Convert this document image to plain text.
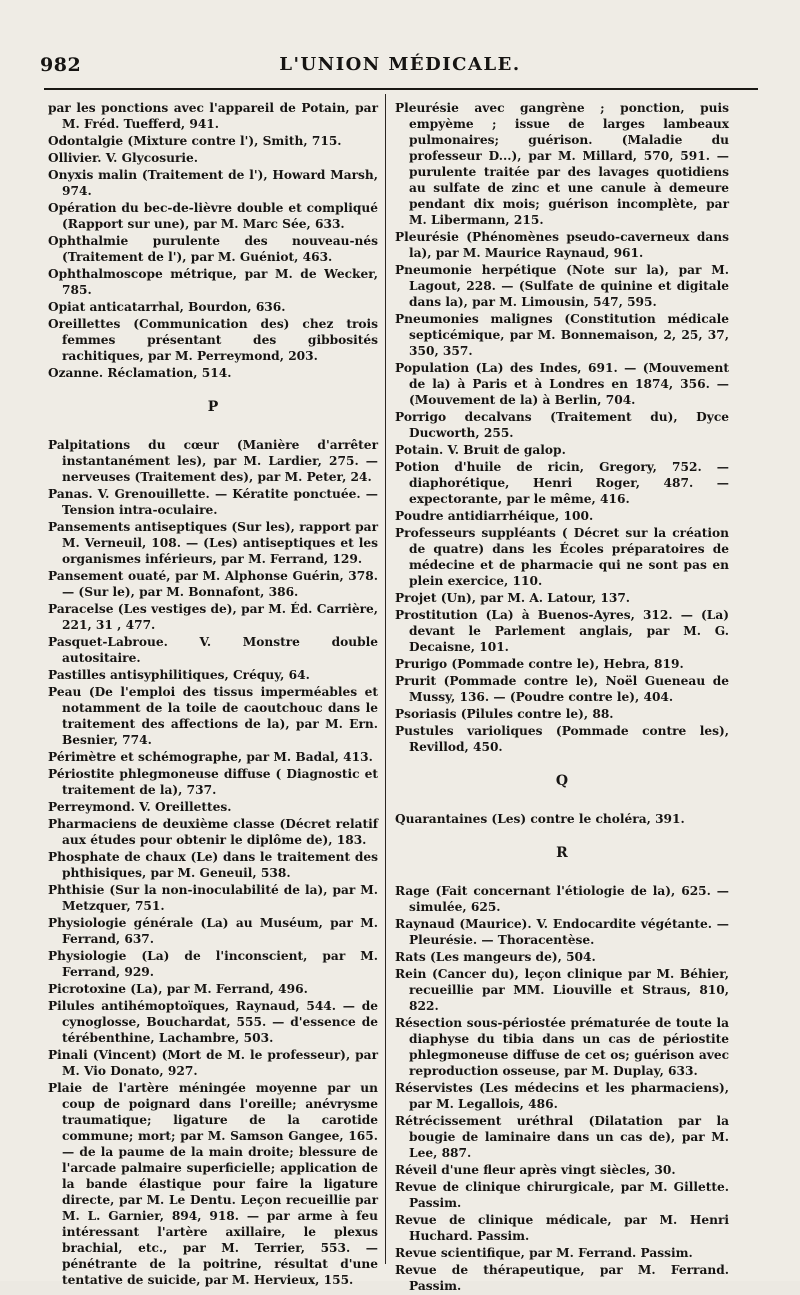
982	L'UNION MÉDICALE.

par les ponctions avec l'appareil de Potain, par M. Fréd. Tuefferd, 941.

Odontalgie (Mixture contre l'), Smith, 715.

Ollivier. V. Glycosurie.

Onyxis malin (Traitement de l'), Howard Marsh, 974.

Opération du bec-de-lièvre double et compliqué (Rapport sur une), par M. Marc Sée, 633.

Ophthalmie purulente des nouveau-nés (Traitement de l'), par M. Guéniot, 463.

Ophthalmoscope métrique, par M. de Wecker, 785.

Opiat anticatarrhal, Bourdon, 636.

Oreillettes (Communication des) chez trois femmes présentant des gibbosités rachitiques, par M. Perreymond, 203.

Ozanne. Réclamation, 514.

P

Palpitations du cœur (Manière d'arrêter instantanément les), par M. Lardier, 275. — nerveuses (Traitement des), par M. Peter, 24.

Panas. V. Grenouillette. — Kératite ponctuée. — Tension intra-oculaire.

Pansements antiseptiques (Sur les), rapport par M. Verneuil, 108. — (Les) antiseptiques et les organismes inférieurs, par M. Ferrand, 129.

Pansement ouaté, par M. Alphonse Guérin, 378. — (Sur le), par M. Bonnafont, 386.

Paracelse (Les vestiges de), par M. Éd. Carrière, 221, 31 , 477.

Pasquet-Labroue. V. Monstre double autositaire.

Pastilles antisyphilitiques, Créquy, 64.

Peau (De l'emploi des tissus imperméables et notamment de la toile de caoutchouc dans le traitement des affections de la), par M. Ern. Besnier, 774.

Périmètre et schémographe, par M. Badal, 413.

Périostite phlegmoneuse diffuse ( Diagnostic et traitement de la), 737.

Perreymond. V. Oreillettes.

Pharmaciens de deuxième classe (Décret relatif aux études pour obtenir le diplôme de), 183.

Phosphate de chaux (Le) dans le traitement des phthisiques, par M. Geneuil, 538.

Phthisie (Sur la non-inoculabilité de la), par M. Metzquer, 751.

Physiologie générale (La) au Muséum, par M. Ferrand, 637.

Physiologie (La) de l'inconscient, par M. Ferrand, 929.

Picrotoxine (La), par M. Ferrand, 496.

Pilules antihémoptoïques, Raynaud, 544. — de cynoglosse, Bouchardat, 555. — d'essence de térébenthine, Lachambre, 503.

Pinali (Vincent) (Mort de M. le professeur), par M. Vio Donato, 927.

Plaie de l'artère méningée moyenne par un coup de poignard dans l'oreille; anévrysme traumatique; ligature de la carotide commune; mort; par M. Samson Gangee, 165. — de la paume de la main droite; blessure de l'arcade palmaire superficielle; application de la bande élastique pour faire la ligature directe, par M. Le Dentu. Leçon recueillie par M. L. Garnier, 894, 918. — par arme à feu intéressant l'artère axillaire, le plexus brachial, etc., par M. Terrier, 553. — pénétrante de la poitrine, résultat d'une tentative de suicide, par M. Hervieux, 155.

Pleurésie avec gangrène ; ponction, puis empyème ; issue de larges lambeaux pulmonaires; guérison. (Maladie du professeur D...), par M. Millard, 570, 591. — purulente traitée par des lavages quotidiens au sulfate de zinc et une canule à demeure pendant dix mois; guérison incomplète, par M. Libermann, 215.

Pleurésie (Phénomènes pseudo-caverneux dans la), par M. Maurice Raynaud, 961.

Pneumonie herpétique (Note sur la), par M. Lagout, 228. — (Sulfate de quinine et digitale dans la), par M. Limousin, 547, 595.

Pneumonies malignes (Constitution médicale septicémique, par M. Bonnemaison, 2, 25, 37, 350, 357.

Population (La) des Indes, 691. — (Mouvement de la) à Paris et à Londres en 1874, 356. — (Mouvement de la) à Berlin, 704.

Porrigo decalvans (Traitement du), Dyce Ducworth, 255.

Potain. V. Bruit de galop.

Potion d'huile de ricin, Gregory, 752. — diaphorétique, Henri Roger, 487. — expectorante, par le même, 416.

Poudre antidiarrhéique, 100.

Professeurs suppléants ( Décret sur la création de quatre) dans les Écoles préparatoires de médecine et de pharmacie qui ne sont pas en plein exercice, 110.

Projet (Un), par M. A. Latour, 137.

Prostitution (La) à Buenos-Ayres, 312. — (La) devant le Parlement anglais, par M. G. Decaisne, 101.

Prurigo (Pommade contre le), Hebra, 819.

Prurit (Pommade contre le), Noël Gueneau de Mussy, 136. — (Poudre contre le), 404.

Psoriasis (Pilules contre le), 88.

Pustules varioliques (Pommade contre les), Revillod, 450.

Q

Quarantaines (Les) contre le choléra, 391.

R

Rage (Fait concernant l'étiologie de la), 625. — simulée, 625.

Raynaud (Maurice). V. Endocardite végétante. — Pleurésie. — Thoracentèse.

Rats (Les mangeurs de), 504.

Rein (Cancer du), leçon clinique par M. Béhier, recueillie par MM. Liouville et Straus, 810, 822.

Résection sous-périostée prématurée de toute la diaphyse du tibia dans un cas de périostite phlegmoneuse diffuse de cet os; guérison avec reproduction osseuse, par M. Duplay, 633.

Réservistes (Les médecins et les pharmaciens), par M. Legallois, 486.

Rétrécissement uréthral (Dilatation par la bougie de laminaire dans un cas de), par M. Lee, 887.

Réveil d'une fleur après vingt siècles, 30.

Revue de clinique chirurgicale, par M. Gillette. Passim.

Revue de clinique médicale, par M. Henri Huchard. Passim.

Revue scientifique, par M. Ferrand. Passim.

Revue de thérapeutique, par M. Ferrand. Passim.
